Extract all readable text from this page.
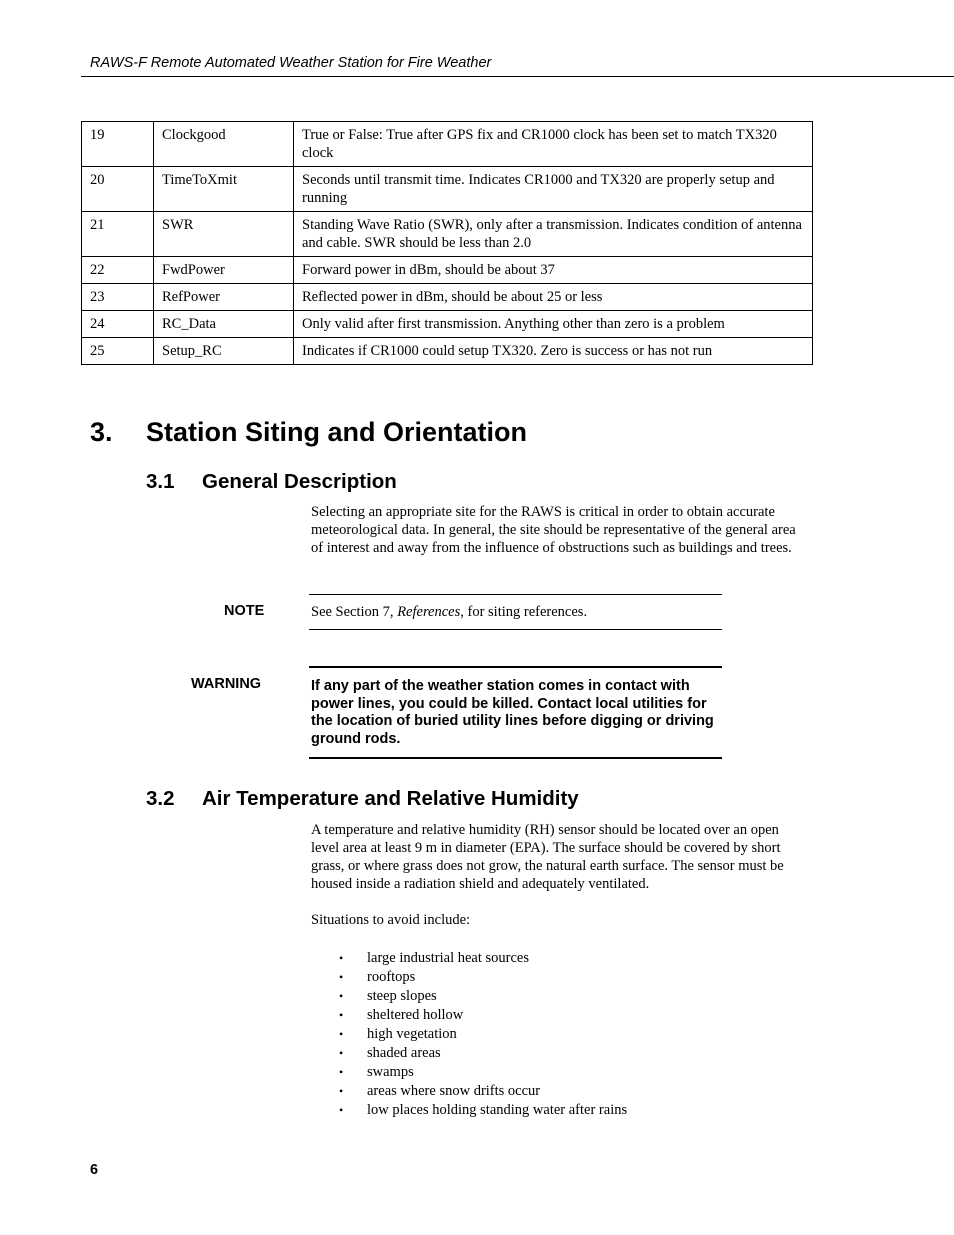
RAWS-F Remote Automated Weather Station for Fire Weather
19	Clockgood	True or False: True after GPS fix and CR1000 clock has been set to match TX320 clock
20	TimeToXmit	Seconds until transmit time. Indicates CR1000 and TX320 are properly setup and running
21	SWR	Standing Wave Ratio (SWR), only after a transmission. Indicates condition of antenna and cable. SWR should be less than 2.0
22	FwdPower	Forward power in dBm, should be about 37
23	RefPower	Reflected power in dBm, should be about 25 or less
24	RC_Data	Only valid after first transmission. Anything other than zero is a problem
25	Setup_RC	Indicates if CR1000 could setup TX320. Zero is success or has not run
3. Station Siting and Orientation
3.1 General Description
Selecting an appropriate site for the RAWS is critical in order to obtain accurate meteorological data. In general, the site should be representative of the general area of interest and away from the influence of obstructions such as buildings and trees.
NOTE	See Section 7, References, for siting references.
WARNING	If any part of the weather station comes in contact with power lines, you could be killed. Contact local utilities for the location of buried utility lines before digging or driving ground rods.
3.2 Air Temperature and Relative Humidity
A temperature and relative humidity (RH) sensor should be located over an open level area at least 9 m in diameter (EPA). The surface should be covered by short grass, or where grass does not grow, the natural earth surface. The sensor must be housed inside a radiation shield and adequately ventilated.
Situations to avoid include:
• large industrial heat sources
• rooftops
• steep slopes
• sheltered hollow
• high vegetation
• shaded areas
• swamps
• areas where snow drifts occur
• low places holding standing water after rains
6
